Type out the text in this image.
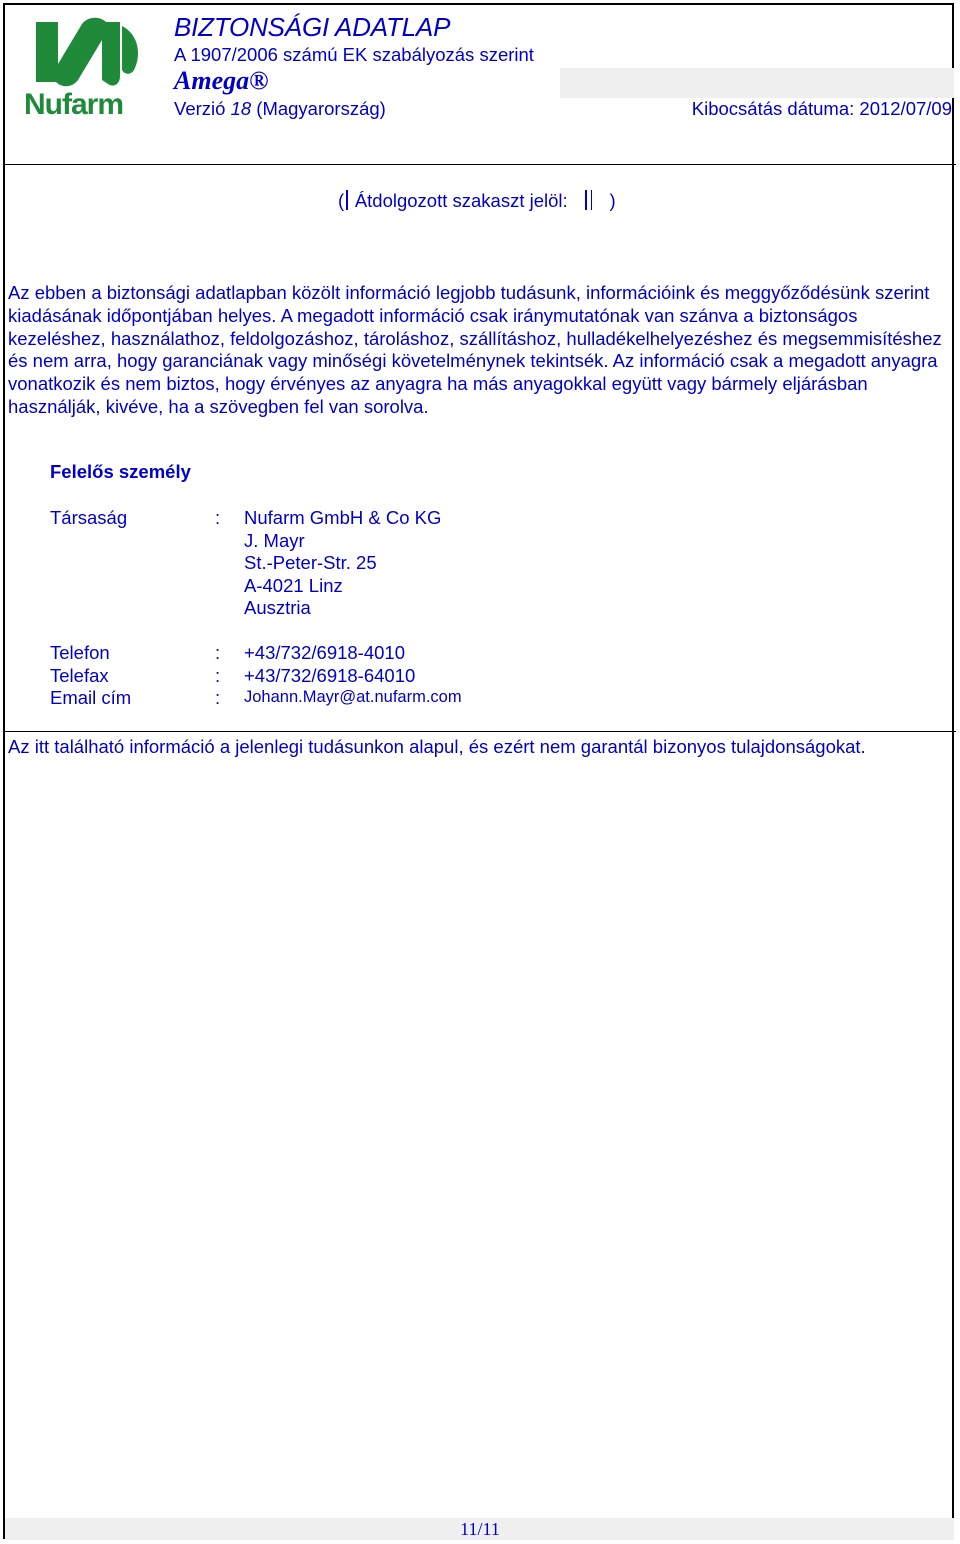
Nufarm
BIZTONSÁGI ADATLAP
A 1907/2006 számú EK szabályozás szerint
Amega®
Verzió 18 (Magyarország)	Kibocsátás dátuma: 2012/07/09
( Átdolgozott szakaszt jelöl: )
Az ebben a biztonsági adatlapban közölt információ legjobb tudásunk, információink és meggyőződésünk szerint kiadásának időpontjában helyes. A megadott információ csak iránymutatónak van szánva a biztonságos kezeléshez, használathoz, feldolgozáshoz, tároláshoz, szállításhoz, hulladékelhelyezéshez és megsemmisítéshez és nem arra, hogy garanciának vagy minőségi követelménynek tekintsék. Az információ csak a megadott anyagra vonatkozik és nem biztos, hogy érvényes az anyagra ha más anyagokkal együtt vagy bármely eljárásban használják, kivéve, ha a szövegben fel van sorolva.
Felelős személy
Társaság	: Nufarm GmbH & Co KG
J. Mayr
St.-Peter-Str. 25
A-4021 Linz
Ausztria
Telefon	: +43/732/6918-4010
Telefax	: +43/732/6918-64010
Email cím	: Johann.Mayr@at.nufarm.com
Az itt található információ a jelenlegi tudásunkon alapul, és ezért nem garantál bizonyos tulajdonságokat.
11/11
